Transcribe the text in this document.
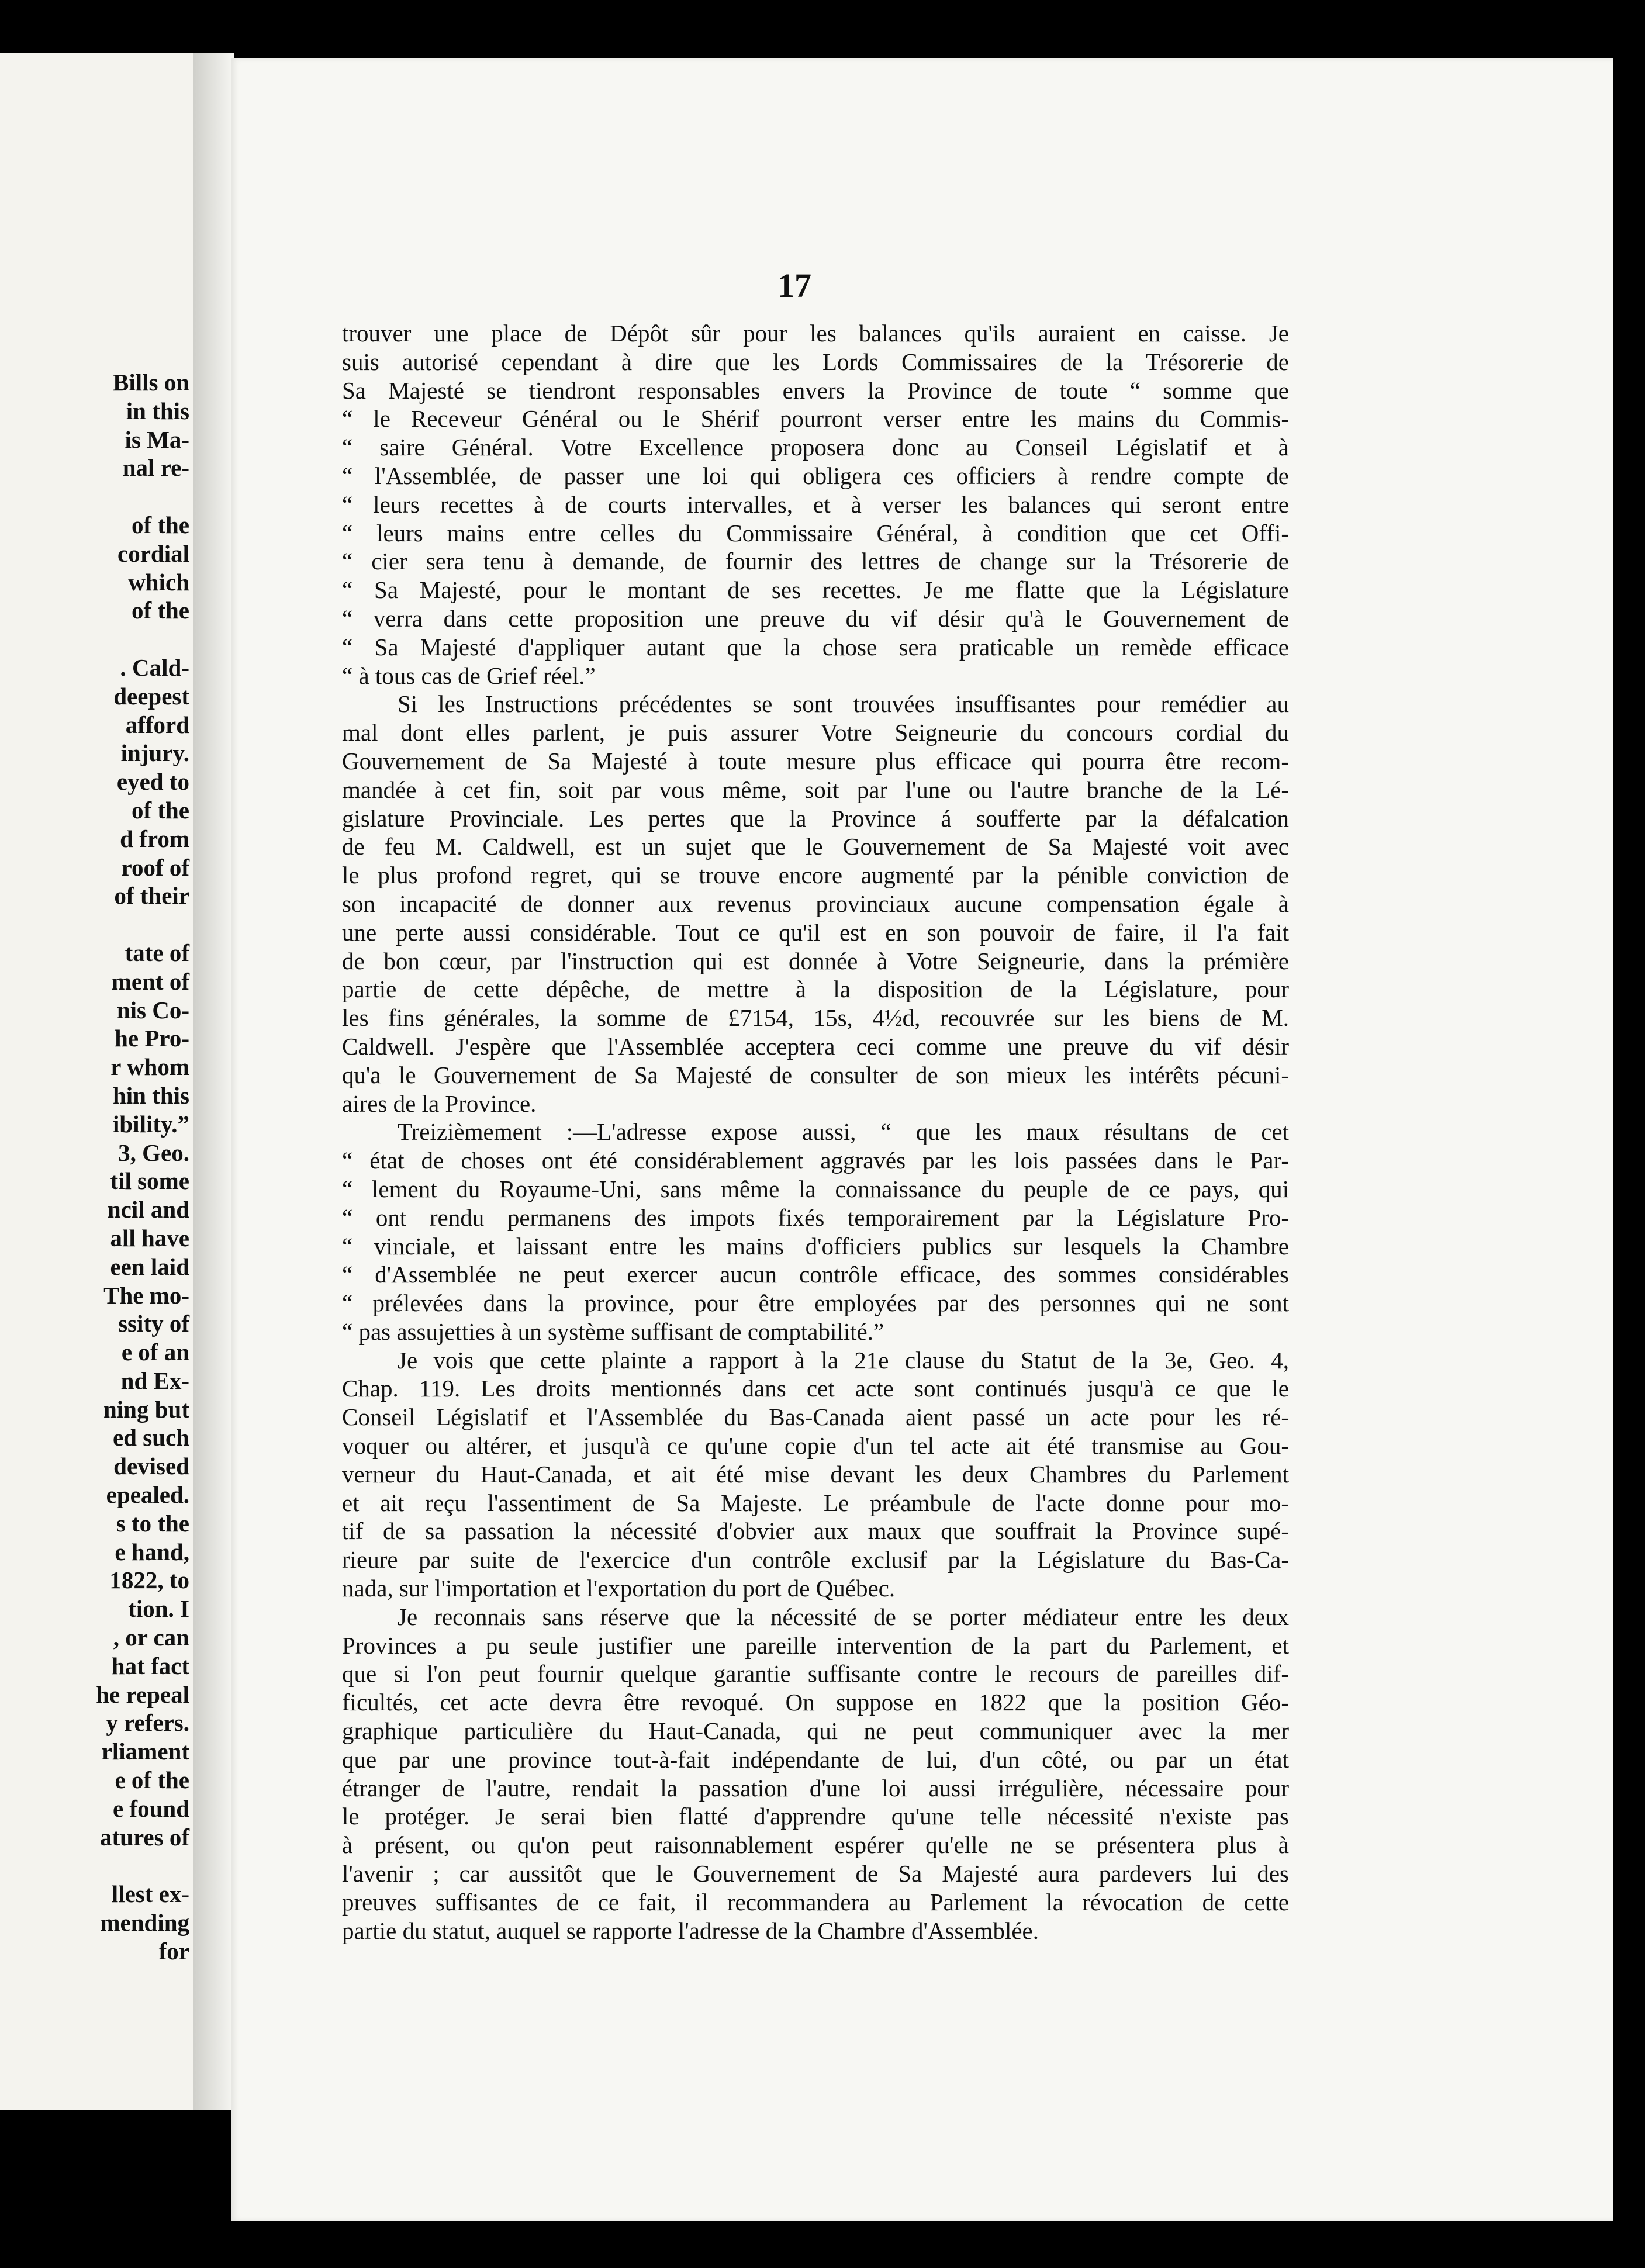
Bills on
in this
is Ma-
nal re-
of the
cordial
which
of the
. Cald-
deepest
afford
injury.
eyed to
of the
d from
roof of
of their
tate of
ment of
nis Co-
he Pro-
r whom
hin this
ibility.”
3, Geo.
til some
ncil and
all have
een laid
The mo-
ssity of
e of an
nd Ex-
ning but
ed such
devised
epealed.
s to the
e hand,
1822, to
tion. I
, or can
hat fact
he repeal
y refers.
rliament
e of the
e found
atures of
llest ex-
mending
for
17

trouver une place de Dépôt sûr pour les balances qu'ils auraient en caisse. Je

suis autorisé cependant à dire que les Lords Commissaires de la Trésorerie de

Sa Majesté se tiendront responsables envers la Province de toute “ somme que

“ le Receveur Général ou le Shérif pourront verser entre les mains du Commis-

“ saire Général. Votre Excellence proposera donc au Conseil Législatif et à

“ l'Assemblée, de passer une loi qui obligera ces officiers à rendre compte de

“ leurs recettes à de courts intervalles, et à verser les balances qui seront entre

“ leurs mains entre celles du Commissaire Général, à condition que cet Offi-

“ cier sera tenu à demande, de fournir des lettres de change sur la Trésorerie de

“ Sa Majesté, pour le montant de ses recettes. Je me flatte que la Législature

“ verra dans cette proposition une preuve du vif désir qu'à le Gouvernement de

“ Sa Majesté d'appliquer autant que la chose sera praticable un remède efficace

“ à tous cas de Grief réel.”

Si les Instructions précédentes se sont trouvées insuffisantes pour remédier au

mal dont elles parlent, je puis assurer Votre Seigneurie du concours cordial du

Gouvernement de Sa Majesté à toute mesure plus efficace qui pourra être recom-

mandée à cet fin, soit par vous même, soit par l'une ou l'autre branche de la Lé-

gislature Provinciale. Les pertes que la Province á soufferte par la défalcation

de feu M. Caldwell, est un sujet que le Gouvernement de Sa Majesté voit avec

le plus profond regret, qui se trouve encore augmenté par la pénible conviction de

son incapacité de donner aux revenus provinciaux aucune compensation égale à

une perte aussi considérable. Tout ce qu'il est en son pouvoir de faire, il l'a fait

de bon cœur, par l'instruction qui est donnée à Votre Seigneurie, dans la prémière

partie de cette dépêche, de mettre à la disposition de la Législature, pour

les fins générales, la somme de £7154, 15s, 4½d, recouvrée sur les biens de M.

Caldwell. J'espère que l'Assemblée acceptera ceci comme une preuve du vif désir

qu'a le Gouvernement de Sa Majesté de consulter de son mieux les intérêts pécuni-

aires de la Province.

Treizièmement :—L'adresse expose aussi, “ que les maux résultans de cet

“ état de choses ont été considérablement aggravés par les lois passées dans le Par-

“ lement du Royaume-Uni, sans même la connaissance du peuple de ce pays, qui

“ ont rendu permanens des impots fixés temporairement par la Législature Pro-

“ vinciale, et laissant entre les mains d'officiers publics sur lesquels la Chambre

“ d'Assemblée ne peut exercer aucun contrôle efficace, des sommes considérables

“ prélevées dans la province, pour être employées par des personnes qui ne sont

“ pas assujetties à un système suffisant de comptabilité.”

Je vois que cette plainte a rapport à la 21e clause du Statut de la 3e, Geo. 4,

Chap. 119. Les droits mentionnés dans cet acte sont continués jusqu'à ce que le

Conseil Législatif et l'Assemblée du Bas-Canada aient passé un acte pour les ré-

voquer ou altérer, et jusqu'à ce qu'une copie d'un tel acte ait été transmise au Gou-

verneur du Haut-Canada, et ait été mise devant les deux Chambres du Parlement

et ait reçu l'assentiment de Sa Majeste. Le préambule de l'acte donne pour mo-

tif de sa passation la nécessité d'obvier aux maux que souffrait la Province supé-

rieure par suite de l'exercice d'un contrôle exclusif par la Législature du Bas-Ca-

nada, sur l'importation et l'exportation du port de Québec.

Je reconnais sans réserve que la nécessité de se porter médiateur entre les deux

Provinces a pu seule justifier une pareille intervention de la part du Parlement, et

que si l'on peut fournir quelque garantie suffisante contre le recours de pareilles dif-

ficultés, cet acte devra être revoqué. On suppose en 1822 que la position Géo-

graphique particulière du Haut-Canada, qui ne peut communiquer avec la mer

que par une province tout-à-fait indépendante de lui, d'un côté, ou par un état

étranger de l'autre, rendait la passation d'une loi aussi irrégulière, nécessaire pour

le protéger. Je serai bien flatté d'apprendre qu'une telle nécessité n'existe pas

à présent, ou qu'on peut raisonnablement espérer qu'elle ne se présentera plus à

l'avenir ; car aussitôt que le Gouvernement de Sa Majesté aura pardevers lui des

preuves suffisantes de ce fait, il recommandera au Parlement la révocation de cette

partie du statut, auquel se rapporte l'adresse de la Chambre d'Assemblée.
